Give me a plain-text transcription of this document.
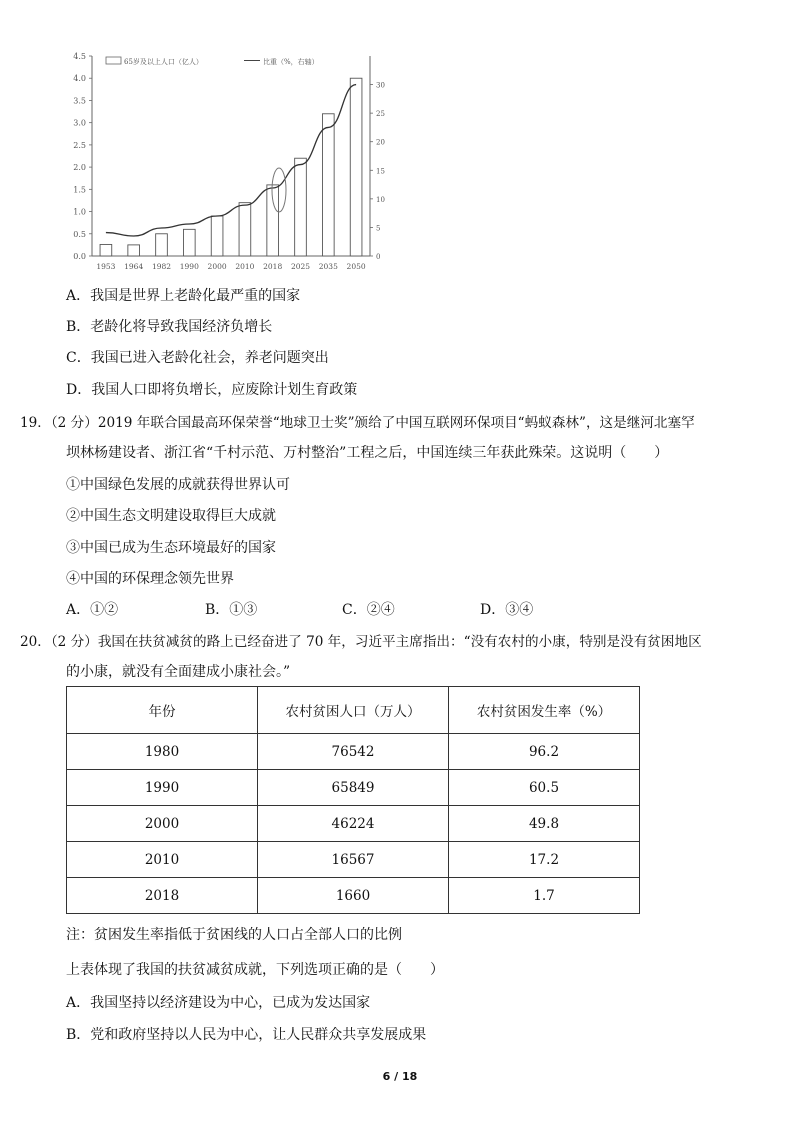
65岁及以上人口（亿人）	比重（%，右轴）
4.5
4.0
3.5
3.0
2.5
2.0
1.5
1.0
0.5
0.0
30
25
20
15
10
5
0
1953 1964 1982 1990 2000 2010 2018 2025 2035 2050
A．我国是世界上老龄化最严重的国家
B．老龄化将导致我国经济负增长
C．我国已进入老龄化社会，养老问题突出
D．我国人口即将负增长，应废除计划生育政策
19．（2 分）2019 年联合国最高环保荣誉“地球卫士奖”颁给了中国互联网环保项目“蚂蚁森林”，这是继河北塞罕
坝林杨建设者、浙江省“千村示范、万村整治”工程之后，中国连续三年获此殊荣。这说明（　　）
①中国绿色发展的成就获得世界认可
②中国生态文明建设取得巨大成就
③中国已成为生态环境最好的国家
④中国的环保理念领先世界
A．①②	B．①③	C．②④	D．③④
20．（2 分）我国在扶贫减贫的路上已经奋进了 70 年，习近平主席指出：“没有农村的小康，特别是没有贫困地区
的小康，就没有全面建成小康社会。”
年份	农村贫困人口（万人）	农村贫困发生率（%）
1980	76542	96.2
1990	65849	60.5
2000	46224	49.8
2010	16567	17.2
2018	1660	1.7
注：贫困发生率指低于贫困线的人口占全部人口的比例
上表体现了我国的扶贫减贫成就，下列选项正确的是（　　）
A．我国坚持以经济建设为中心，已成为发达国家
B．党和政府坚持以人民为中心，让人民群众共享发展成果
6 / 18
